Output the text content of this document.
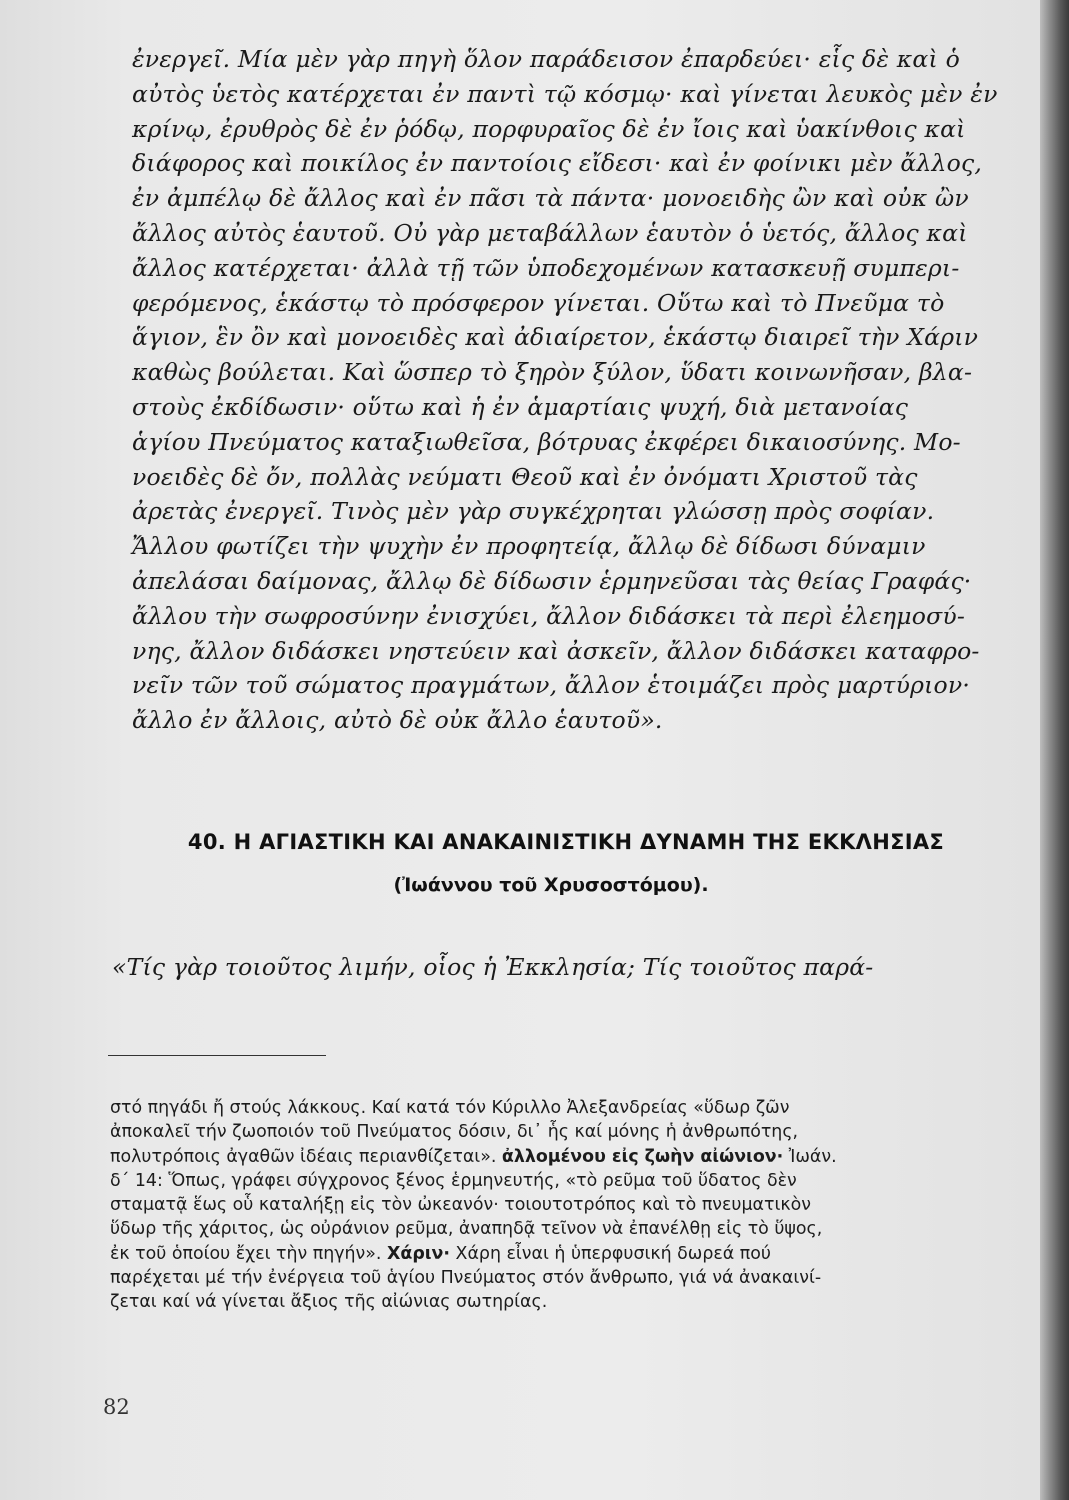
ἐνεργεῖ. Μία μὲν γὰρ πηγὴ ὅλον παράδεισον ἐπαρδεύει· εἷς δὲ καὶ ὁ
αὐτὸς ὑετὸς κατέρχεται ἐν παντὶ τῷ κόσμῳ· καὶ γίνεται λευκὸς μὲν ἐν
κρίνῳ, ἐρυθρὸς δὲ ἐν ῥόδῳ, πορφυραῖος δὲ ἐν ἴοις καὶ ὑακίνθοις καὶ
διάφορος καὶ ποικίλος ἐν παντοίοις εἴδεσι· καὶ ἐν φοίνικι μὲν ἄλλος,
ἐν ἀμπέλῳ δὲ ἄλλος καὶ ἐν πᾶσι τὰ πάντα· μονοειδὴς ὢν καὶ οὐκ ὢν
ἄλλος αὐτὸς ἑαυτοῦ. Οὐ γὰρ μεταβάλλων ἑαυτὸν ὁ ὑετός, ἄλλος καὶ
ἄλλος κατέρχεται· ἀλλὰ τῇ τῶν ὑποδεχομένων κατασκευῇ συμπερι-
φερόμενος, ἑκάστῳ τὸ πρόσφερον γίνεται. Οὕτω καὶ τὸ Πνεῦμα τὸ
ἅγιον, ἓν ὂν καὶ μονοειδὲς καὶ ἀδιαίρετον, ἑκάστῳ διαιρεῖ τὴν Χάριν
καθὼς βούλεται. Καὶ ὥσπερ τὸ ξηρὸν ξύλον, ὕδατι κοινωνῆσαν, βλα-
στοὺς ἐκδίδωσιν· οὕτω καὶ ἡ ἐν ἁμαρτίαις ψυχή, διὰ μετανοίας
ἁγίου Πνεύματος καταξιωθεῖσα, βότρυας ἐκφέρει δικαιοσύνης. Μο-
νοειδὲς δὲ ὄν, πολλὰς νεύματι Θεοῦ καὶ ἐν ὀνόματι Χριστοῦ τὰς
ἀρετὰς ἐνεργεῖ. Τινὸς μὲν γὰρ συγκέχρηται γλώσσῃ πρὸς σοφίαν.
Ἄλλου φωτίζει τὴν ψυχὴν ἐν προφητείᾳ, ἄλλῳ δὲ δίδωσι δύναμιν
ἀπελάσαι δαίμονας, ἄλλῳ δὲ δίδωσιν ἑρμηνεῦσαι τὰς θείας Γραφάς·
ἄλλου τὴν σωφροσύνην ἐνισχύει, ἄλλον διδάσκει τὰ περὶ ἐλεημοσύ-
νης, ἄλλον διδάσκει νηστεύειν καὶ ἀσκεῖν, ἄλλον διδάσκει καταφρο-
νεῖν τῶν τοῦ σώματος πραγμάτων, ἄλλον ἑτοιμάζει πρὸς μαρτύριον·
ἄλλο ἐν ἄλλοις, αὐτὸ δὲ οὐκ ἄλλο ἑαυτοῦ».
40. Η ΑΓΙΑΣΤΙΚΗ ΚΑΙ ΑΝΑΚΑΙΝΙΣΤΙΚΗ ΔΥΝΑΜΗ ΤΗΣ ΕΚΚΛΗΣΙΑΣ
(Ἰωάννου τοῦ Χρυσοστόμου).
«Τίς γὰρ τοιοῦτος λιμήν, οἷος ἡ Ἐκκλησία; Τίς τοιοῦτος παρά-
στό πηγάδι ἤ στούς λάκκους. Καί κατά τόν Κύριλλο Ἀλεξανδρείας «ὕδωρ ζῶν
ἀποκαλεῖ τήν ζωοποιόν τοῦ Πνεύματος δόσιν, δι᾿ ἧς καί μόνης ἡ ἀνθρωπότης,
πολυτρόποις ἀγαθῶν ἰδέαις περιανθίζεται». ἀλλομένου εἰς ζωὴν αἰώνιον· Ἰωάν.
δ´ 14: Ὅπως, γράφει σύγχρονος ξένος ἑρμηνευτής, «τὸ ρεῦμα τοῦ ὕδατος δὲν
σταματᾷ ἕως οὗ καταλήξῃ εἰς τὸν ὠκεανόν· τοιουτοτρόπος καὶ τὸ πνευματικὸν
ὕδωρ τῆς χάριτος, ὡς οὐράνιον ρεῦμα, ἀναπηδᾷ τεῖνον νὰ ἐπανέλθῃ εἰς τὸ ὕψος,
ἐκ τοῦ ὁποίου ἔχει τὴν πηγήν». Χάριν· Χάρη εἶναι ἡ ὑπερφυσική δωρεά πού
παρέχεται μέ τήν ἐνέργεια τοῦ ἁγίου Πνεύματος στόν ἄνθρωπο, γιά νά ἀνακαινί-
ζεται καί νά γίνεται ἄξιος τῆς αἰώνιας σωτηρίας.
82
